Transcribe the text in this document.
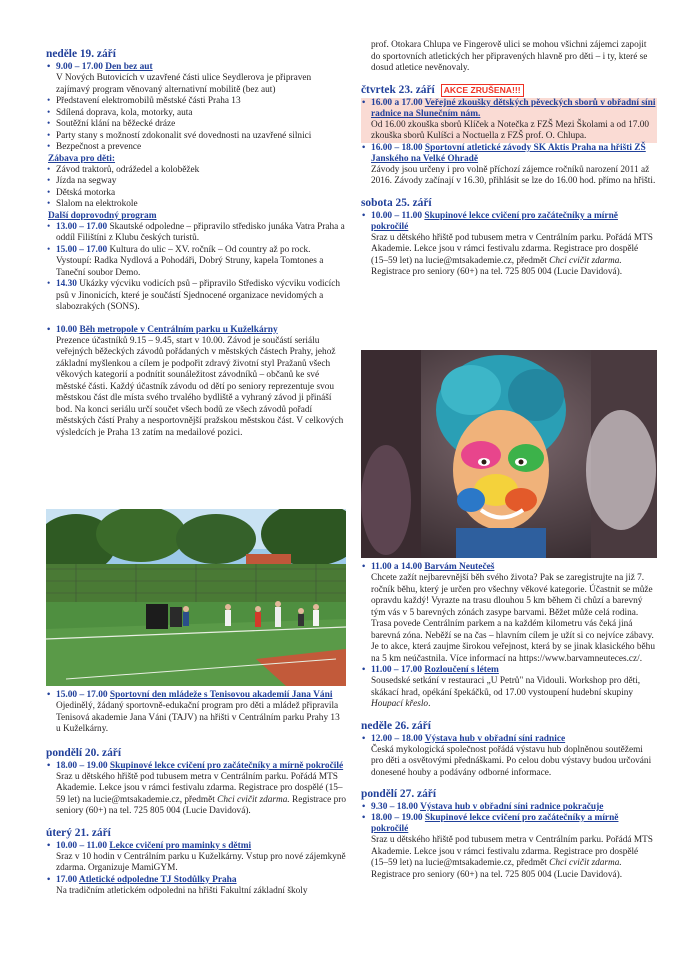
neděle 19. září
• 9.00 – 17.00 Den bez aut
V Nových Butovicích v uzavřené části ulice Seydlerova je připraven zajímavý program věnovaný alternativní mobilitě (bez aut)
• Představení elektromobilů městské části Praha 13
• Sdílená doprava, kola, motorky, auta
• Soutěžní klání na běžecké dráze
• Party stany s možností zdokonalit své dovednosti na uzavřené silnici
• Bezpečnost a prevence
Zábava pro děti:
• Závod traktorů, odrážedel a koloběžek
• Jízda na segway
• Dětská motorka
• Slalom na elektrokole
Další doprovodný program
• 13.00 – 17.00 Skautské odpoledne – připravilo středisko junáka Vatra Praha a oddíl Filištíni z Klubu českých turistů.
• 15.00 – 17.00 Kultura do ulic – XV. ročník – Od country až po rock. Vystoupí: Radka Nydlová a Pohodáři, Dobrý Struny, kapela Tomtones a Taneční soubor Demo.
• 14.30 Ukázky výcviku vodicích psů – připravilo Středisko výcviku vodicích psů v Jinonicích, které je součástí Sjednocené organizace nevidomých a slabozrakých (SONS).
• 10.00 Běh metropole v Centrálním parku u Kuželkárny
Prezence účastníků 9.15 – 9.45, start v 10.00. Závod je součástí seriálu veřejných běžeckých závodů pořádaných v městských částech Prahy, jehož základní myšlenkou a cílem je podpořit zdravý životní styl Pražanů všech věkových kategorií a podnítit sounáležitost závodníků – občanů ke své městské části. Každý účastník závodu od dětí po seniory reprezentuje svou městskou část dle místa svého trvalého bydliště a vyhraný závod ji přináší bod. Na konci seriálu určí součet všech bodů ze všech závodů pořadí městských částí Prahy a nesportovnější pražskou městskou část. V celkových výsledcích je Praha 13 zatím na medailové pozici.
• 15.00 – 17.00 Sportovní den mládeže s Tenisovou akademií Jana Váni
Ojedinělý, žádaný sportovně-edukační program pro děti a mládež připravila Tenisová akademie Jana Váni (TAJV) na hřišti v Centrálním parku Prahy 13 u Kuželkárny.
pondělí 20. září
• 18.00 – 19.00 Skupinové lekce cvičení pro začátečníky a mírně pokročilé
Sraz u dětského hřiště pod tubusem metra v Centrálním parku. Pořádá MTS Akademie. Lekce jsou v rámci festivalu zdarma. Registrace pro dospělé (15–59 let) na lucie@mtsakademie.cz, předmět Chci cvičit zdarma. Registrace pro seniory (60+) na tel. 725 805 004 (Lucie Davidová).
úterý 21. září
• 10.00 – 11.00 Lekce cvičení pro maminky s dětmi
Sraz v 10 hodin v Centrálním parku u Kuželkárny. Vstup pro nové zájemkyně zdarma. Organizuje MamiGYM.
• 17.00 Atletické odpoledne TJ Stodůlky Praha
Na tradičním atletickém odpoledni na hřišti Fakultní základní školy
prof. Otokara Chlupa ve Fingerově ulici se mohou všichni zájemci zapojit do sportovních atletických her připravených hlavně pro děti – i ty, které se dosud atletice nevěnovaly.
čtvrtek 23. září	AKCE ZRUŠENA!!!
• 16.00 a 17.00 Veřejné zkoušky dětských pěveckých sborů v obřadní síni radnice na Slunečním nám.
Od 16.00 zkouška sborů Klíček a Notečka z FZŠ Mezi Školami a od 17.00 zkouška sborů Kulíšci a Noctuella z FZŠ prof. O. Chlupa.
• 16.00 – 18.00 Sportovní atletické závody SK Aktis Praha na hřišti ZŠ Janského na Velké Ohradě
Závody jsou určeny i pro volně příchozí zájemce ročníků narození 2011 až 2016. Závody začínají v 16.30, přihlásit se lze do 16.00 hod. přímo na hřišti.
sobota 25. září
• 10.00 – 11.00 Skupinové lekce cvičení pro začátečníky a mírně pokročilé
Sraz u dětského hřiště pod tubusem metra v Centrálním parku. Pořádá MTS Akademie. Lekce jsou v rámci festivalu zdarma. Registrace pro dospělé (15–59 let) na lucie@mtsakademie.cz, předmět Chci cvičit zdarma. Registrace pro seniory (60+) na tel. 725 805 004 (Lucie Davidová).
• 11.00 a 14.00 Barvám Neutečeš
Chcete zažít nejbarevnější běh svého života? Pak se zaregistrujte na již 7. ročník běhu, který je určen pro všechny věkové kategorie. Účastnit se může opravdu každý! Vyrazte na trasu dlouhou 5 km během či chůzí a barevný tým vás v 5 barevných zónách zasype barvami. Běžet může celá rodina. Trasa povede Centrálním parkem a na každém kilometru vás čeká jiná barevná zóna. Neběží se na čas – hlavním cílem je užít si co nejvíce zábavy. Je to akce, která zaujme širokou veřejnost, která by se jinak klasického běhu na 5 km neúčastnila. Více informací na https://www.barvamneuteces.cz/.
• 11.00 – 17.00 Rozloučení s létem
Sousedské setkání v restauraci „U Petrů" na Vidouli. Workshop pro děti, skákací hrad, opékání špekáčků, od 17.00 vystoupení hudební skupiny Houpací křeslo.
neděle 26. září
• 12.00 – 18.00 Výstava hub v obřadní síni radnice
Česká mykologická společnost pořádá výstavu hub doplněnou soutěžemi pro děti a osvětovými přednáškami. Po celou dobu výstavy budou určováni donesené houby a podávány odborné informace.
pondělí 27. září
• 9.30 – 18.00 Výstava hub v obřadní síni radnice pokračuje
• 18.00 – 19.00 Skupinové lekce cvičení pro začátečníky a mírně pokročilé
Sraz u dětského hřiště pod tubusem metra v Centrálním parku. Pořádá MTS Akademie. Lekce jsou v rámci festivalu zdarma. Registrace pro dospělé (15–59 let) na lucie@mtsakademie.cz, předmět Chci cvičit zdarma. Registrace pro seniory (60+) na tel. 725 805 004 (Lucie Davidová).
